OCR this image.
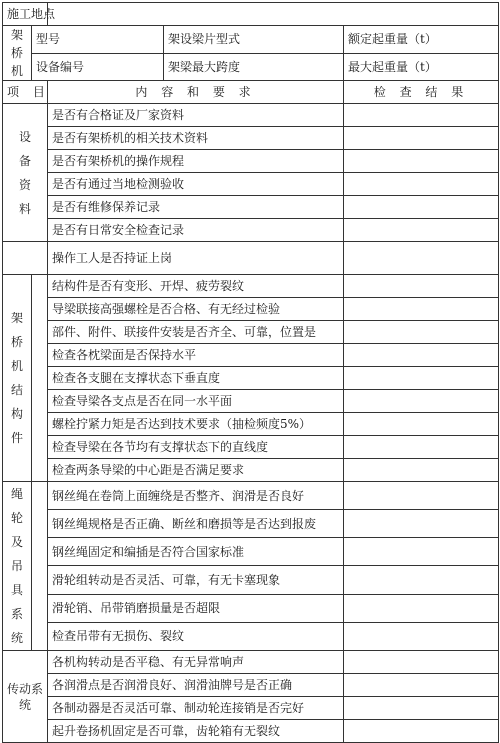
施工地点				
架桥机	型号		架设梁片型式	额定起重量（t）
	设备编号		架梁最大跨度	最大起重量（t）
项 目		内 容 和 要 求		检 查 结 果
设备资料		是否有合格证及厂家资料		
		是否有架桥机的相关技术资料		
		是否有架桥机的操作规程		
		是否有通过当地检测验收		
		是否有维修保养记录		
		是否有日常安全检查记录		
		操作工人是否持证上岗		
架桥机结构件		结构件是否有变形、开焊、疲劳裂纹		
		导梁联接高强螺栓是否合格、有无经过检验		
		部件、附件、联接件安装是否齐全、可靠，位置是		
		检查各枕梁面是否保持水平		
		检查各支腿在支撑状态下垂直度		
		检查导梁各支点是否在同一水平面		
		螺栓拧紧力矩是否达到技术要求（抽检频度5%）		
		检查导梁在各节均有支撑状态下的直线度		
		检查两条导梁的中心距是否满足要求		
绳轮及吊具系统		钢丝绳在卷筒上面缠绕是否整齐、润滑是否良好		
		钢丝绳规格是否正确、断丝和磨损等是否达到报废		
		钢丝绳固定和编插是否符合国家标准		
		滑轮组转动是否灵活、可靠，有无卡塞现象		
		滑轮销、吊带销磨损量是否超限		
		检查吊带有无损伤、裂纹		
传动系统		各机构转动是否平稳、有无异常响声		
		各润滑点是否润滑良好、润滑油牌号是否正确		
		各制动器是否灵活可靠、制动轮连接销是否完好		
		起升卷扬机固定是否可靠，齿轮箱有无裂纹		
